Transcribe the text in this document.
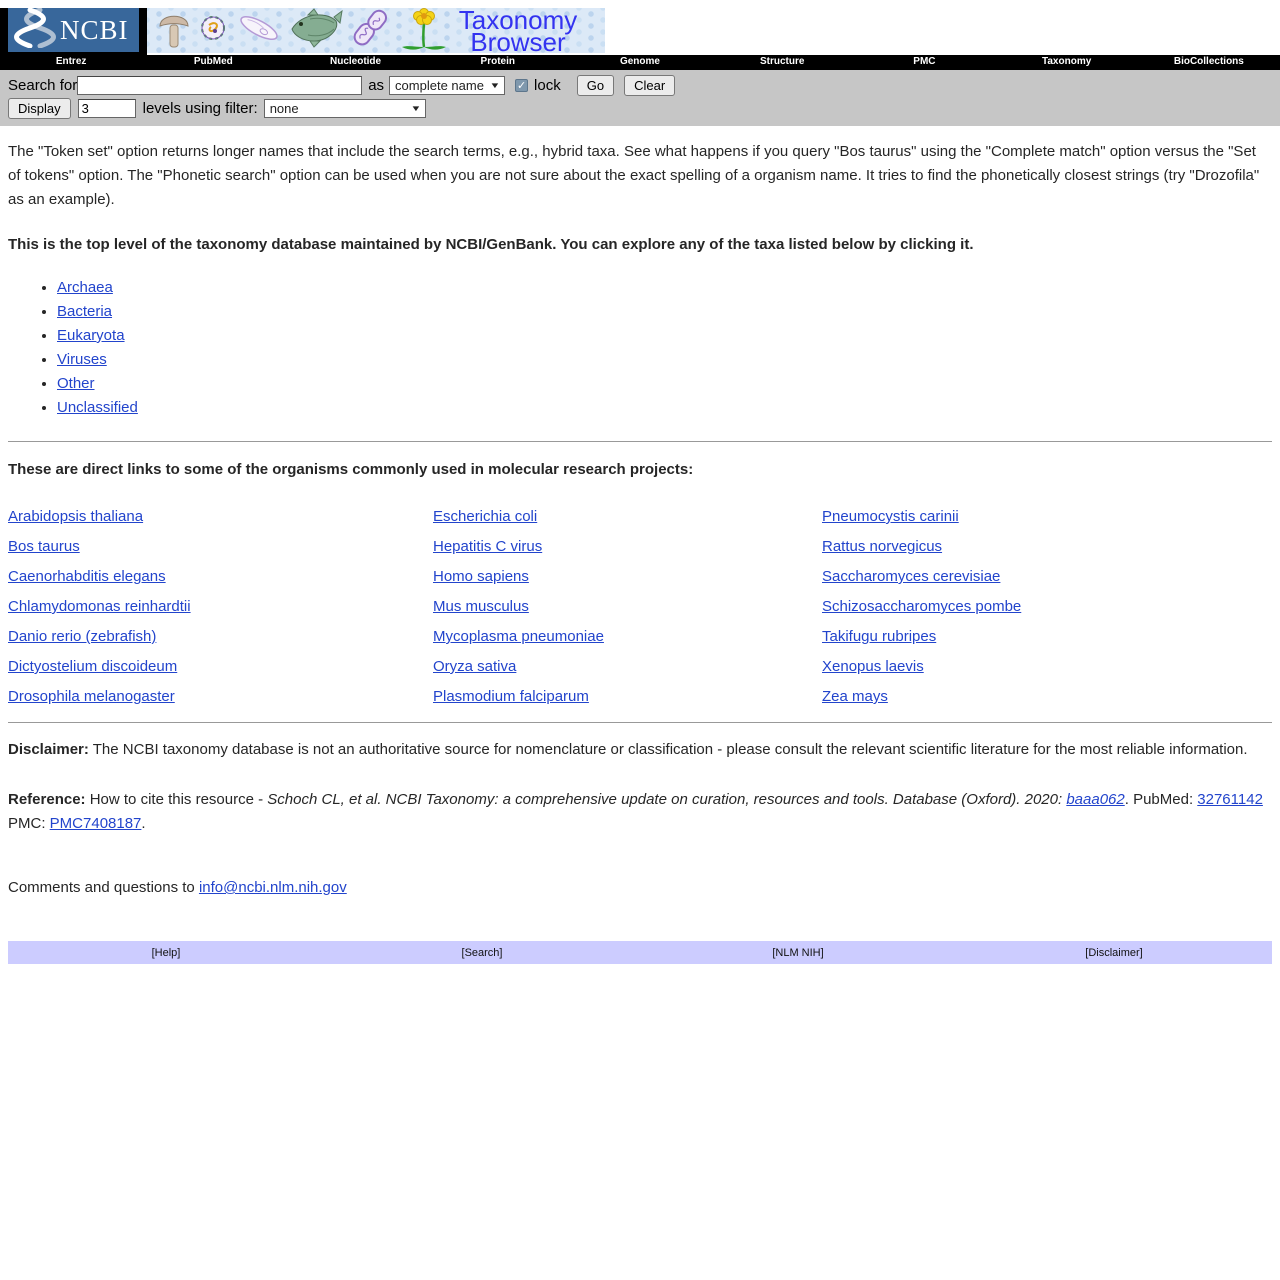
NCBI	Taxonomy
Browser
Entrez	PubMed	Nucleotide	Protein	Genome	Structure	PMC	Taxonomy	BioCollections
Search for	as complete name ▼ ✓ lock	Go	Clear
Display
3	levels using filter: none	▼

The "Token set" option returns longer names that include the search terms, e.g., hybrid taxa. See what happens if you query "Bos taurus" using the "Complete match" option versus the "Set of tokens" option. The "Phonetic search" option can be used when you are not sure about the exact spelling of a organism name. It tries to find the phonetically closest strings (try "Drozofila" as an example).

This is the top level of the taxonomy database maintained by NCBI/GenBank. You can explore any of the taxa listed below by clicking it.

• Archaea
• Bacteria
• Eukaryota
• Viruses
• Other
• Unclassified

These are direct links to some of the organisms commonly used in molecular research projects:

Arabidopsis thaliana	Escherichia coli	Pneumocystis carinii
Bos taurus	Hepatitis C virus	Rattus norvegicus
Caenorhabditis elegans	Homo sapiens	Saccharomyces cerevisiae
Chlamydomonas reinhardtii	Mus musculus	Schizosaccharomyces pombe
Danio rerio (zebrafish)	Mycoplasma pneumoniae	Takifugu rubripes
Dictyostelium discoideum	Oryza sativa	Xenopus laevis
Drosophila melanogaster	Plasmodium falciparum	Zea mays

Disclaimer: The NCBI taxonomy database is not an authoritative source for nomenclature or classification - please consult the relevant scientific literature for the most reliable information.

Reference: How to cite this resource - Schoch CL, et al. NCBI Taxonomy: a comprehensive update on curation, resources and tools. Database (Oxford). 2020: baaa062. PubMed: 32761142 PMC: PMC7408187.

Comments and questions to info@ncbi.nlm.nih.gov

[Help]	[Search]	[NLM NIH]	[Disclaimer]
